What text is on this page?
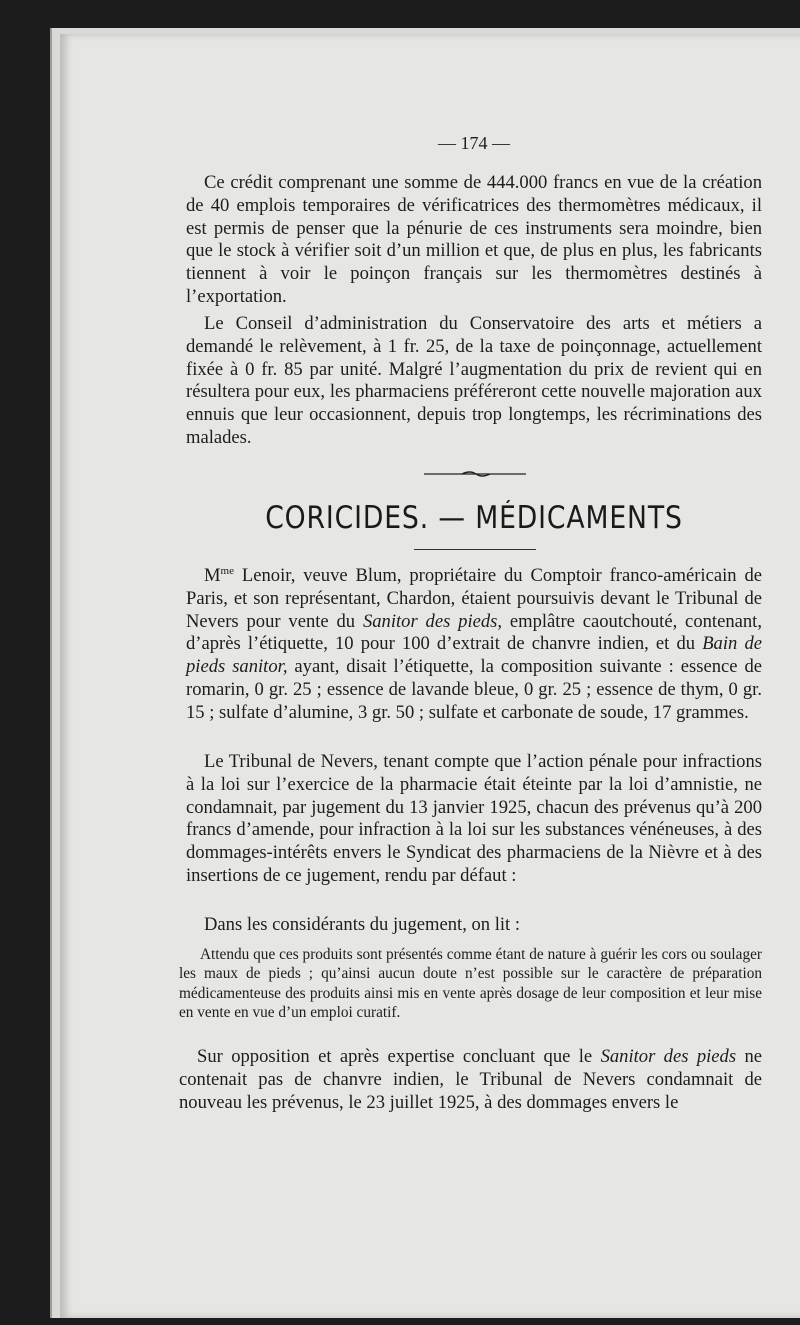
— 174 —

Ce crédit comprenant une somme de 444.000 francs en vue de la création de 40 emplois temporaires de vérificatrices des thermomètres médicaux, il est permis de penser que la pénurie de ces instruments sera moindre, bien que le stock à vérifier soit d’un million et que, de plus en plus, les fabricants tiennent à voir le poinçon français sur les thermomètres destinés à l’exportation.

Le Conseil d’administration du Conservatoire des arts et métiers a demandé le relèvement, à 1 fr. 25, de la taxe de poinçonnage, actuellement fixée à 0 fr. 85 par unité. Malgré l’augmentation du prix de revient qui en résultera pour eux, les pharmaciens préféreront cette nouvelle majoration aux ennuis que leur occasionnent, depuis trop longtemps, les récriminations des malades.

CORICIDES. — MÉDICAMENTS

$M^{me}$ Lenoir, veuve Blum, propriétaire du Comptoir franco-américain de Paris, et son représentant, Chardon, étaient poursuivis devant le Tribunal de Nevers pour vente du Sanitor des pieds, emplâtre caoutchouté, contenant, d’après l’étiquette, 10 pour 100 d’extrait de chanvre indien, et du Bain de pieds sanitor, ayant, disait l’étiquette, la composition suivante : essence de romarin, 0 gr. 25 ; essence de lavande bleue, 0 gr. 25 ; essence de thym, 0 gr. 15 ; sulfate d’alumine, 3 gr. 50 ; sulfate et carbonate de soude, 17 grammes.

Le Tribunal de Nevers, tenant compte que l’action pénale pour infractions à la loi sur l’exercice de la pharmacie était éteinte par la loi d’amnistie, ne condamnait, par jugement du 13 janvier 1925, chacun des prévenus qu’à 200 francs d’amende, pour infraction à la loi sur les substances vénéneuses, à des dommages-intérêts envers le Syndicat des pharmaciens de la Nièvre et à des insertions de ce jugement, rendu par défaut :

Dans les considérants du jugement, on lit :

Attendu que ces produits sont présentés comme étant de nature à guérir les cors ou soulager les maux de pieds ; qu’ainsi aucun doute n’est possible sur le caractère de préparation médicamenteuse des produits ainsi mis en vente après dosage de leur composition et leur mise en vente en vue d’un emploi curatif.

Sur opposition et après expertise concluant que le Sanitor des pieds ne contenait pas de chanvre indien, le Tribunal de Nevers condamnait de nouveau les prévenus, le 23 juillet 1925, à des dommages envers le
